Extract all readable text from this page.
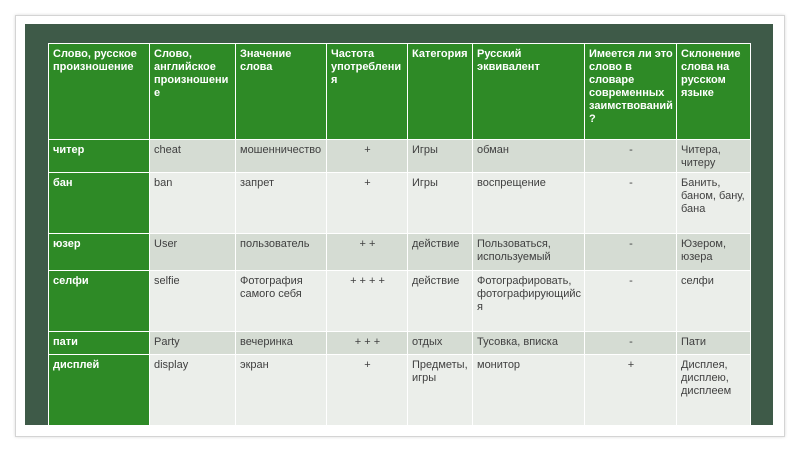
Слово, русское произношение	Слово, английское произношение	Значение слова	Частота употребления	Категория	Русский эквивалент	Имеется ли это слово в словаре современных заимствований?	Склонение слова на русском языке
читер	cheat	мошенничество	+	Игры	обман	-	Читера, читеру
бан	ban	запрет	+	Игры	воспрещение	-	Банить, баном, бану, бана
юзер	User	пользователь	+ +	действие	Пользоваться, используемый	-	Юзером, юзера
селфи	selfie	Фотография самого себя	+ + + +	действие	Фотографировать, фотографирующийся	-	селфи
пати	Party	вечеринка	+ + +	отдых	Тусовка, вписка	-	Пати
дисплей	display	экран	+	Предметы, игры	монитор	+	Дисплея, дисплею, дисплеем
